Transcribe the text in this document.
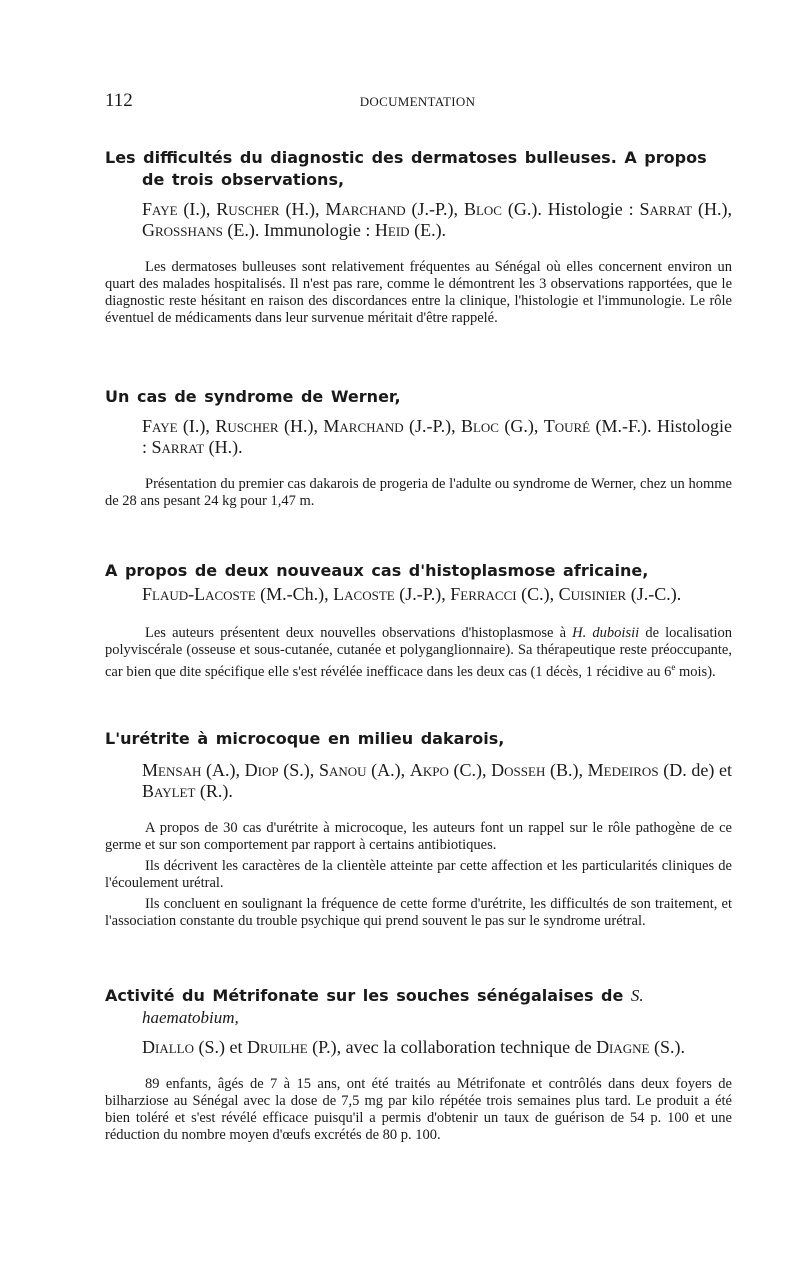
112	DOCUMENTATION
Les difficultés du diagnostic des dermatoses bulleuses. A propos de trois observations,
Faye (I.), Ruscher (H.), Marchand (J.-P.), Bloc (G.). Histologie : Sarrat (H.), Grosshans (E.). Immunologie : Heid (E.).

Les dermatoses bulleuses sont relativement fréquentes au Sénégal où elles concernent environ un quart des malades hospitalisés. Il n'est pas rare, comme le démontrent les 3 observations rapportées, que le diagnostic reste hésitant en raison des discordances entre la clinique, l'histologie et l'immunologie. Le rôle éventuel de médicaments dans leur survenue méritait d'être rappelé.

Un cas de syndrome de Werner,
Faye (I.), Ruscher (H.), Marchand (J.-P.), Bloc (G.), Touré (M.-F.). Histologie : Sarrat (H.).

Présentation du premier cas dakarois de progeria de l'adulte ou syndrome de Werner, chez un homme de 28 ans pesant 24 kg pour 1,47 m.

A propos de deux nouveaux cas d'histoplasmose africaine,
Flaud-Lacoste (M.-Ch.), Lacoste (J.-P.), Ferracci (C.), Cuisinier (J.-C.).

Les auteurs présentent deux nouvelles observations d'histoplasmose à H. duboisii de localisation polyviscérale (osseuse et sous-cutanée, cutanée et polyganglionnaire). Sa thérapeutique reste préoccupante, car bien que dite spécifique elle s'est révélée inefficace dans les deux cas (1 décès, 1 récidive au 6e mois).

L'urétrite à microcoque en milieu dakarois,
Mensah (A.), Diop (S.), Sanou (A.), Akpo (C.), Dosseh (B.), Medeiros (D. de) et Baylet (R.).

A propos de 30 cas d'urétrite à microcoque, les auteurs font un rappel sur le rôle pathogène de ce germe et sur son comportement par rapport à certains antibiotiques.

Ils décrivent les caractères de la clientèle atteinte par cette affection et les particularités cliniques de l'écoulement urétral.

Ils concluent en soulignant la fréquence de cette forme d'urétrite, les difficultés de son traitement, et l'association constante du trouble psychique qui prend souvent le pas sur le syndrome urétral.

Activité du Métrifonate sur les souches sénégalaises de S. haematobium,
Diallo (S.) et Druilhe (P.), avec la collaboration technique de Diagne (S.).

89 enfants, âgés de 7 à 15 ans, ont été traités au Métrifonate et contrôlés dans deux foyers de bilharziose au Sénégal avec la dose de 7,5 mg par kilo répétée trois semaines plus tard. Le produit a été bien toléré et s'est révélé efficace puisqu'il a permis d'obtenir un taux de guérison de 54 p. 100 et une réduction du nombre moyen d'œufs excrétés de 80 p. 100.
